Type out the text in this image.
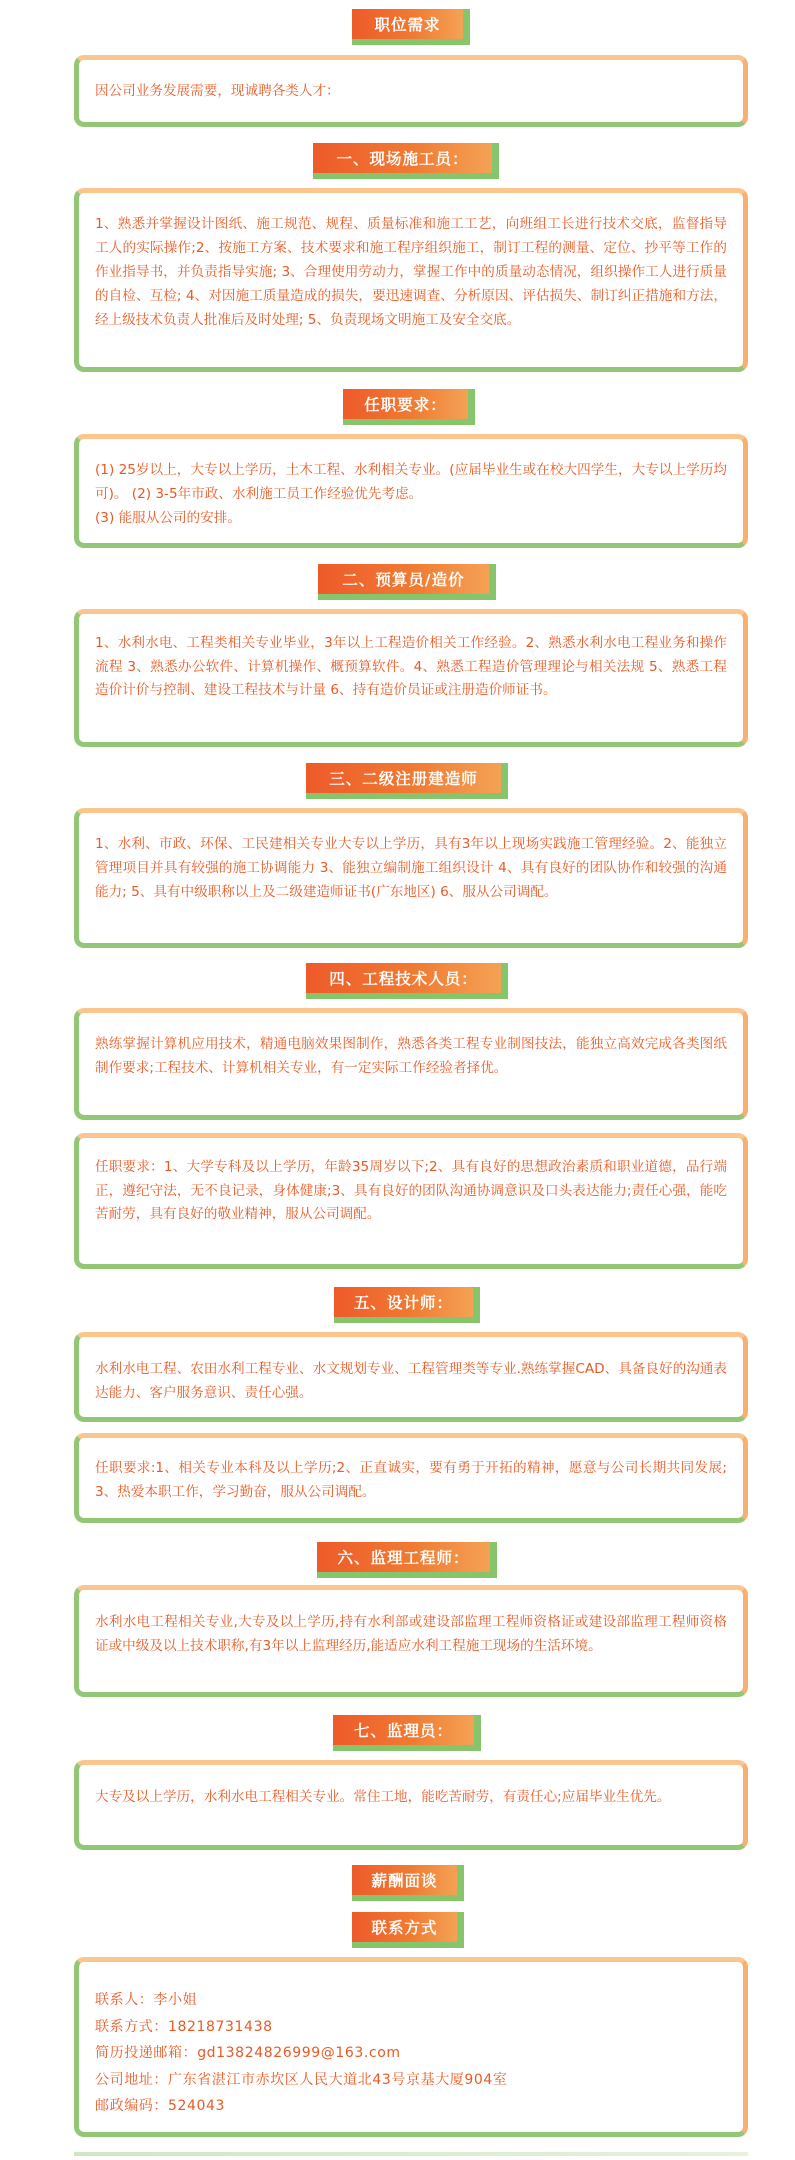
职位需求

因公司业务发展需要，现诚聘各类人才：

一、现场施工员：

1、熟悉并掌握设计图纸、施工规范、规程、质量标准和施工工艺，向班组工长进行技术交底，监督指导工人的实际操作;2、按施工方案、技术要求和施工程序组织施工，制订工程的测量、定位、抄平等工作的作业指导书，并负责指导实施; 3、合理使用劳动力，掌握工作中的质量动态情况，组织操作工人进行质量的自检、互检; 4、对因施工质量造成的损失，要迅速调查、分析原因、评估损失、制订纠正措施和方法，经上级技术负责人批准后及时处理; 5、负责现场文明施工及安全交底。

任职要求：

(1) 25岁以上，大专以上学历，土木工程、水利相关专业。(应届毕业生或在校大四学生，大专以上学历均可)。 (2) 3-5年市政、水利施工员工作经验优先考虑。

(3) 能服从公司的安排。

二、预算员/造价

1、水利水电、工程类相关专业毕业，3年以上工程造价相关工作经验。2、熟悉水利水电工程业务和操作流程 3、熟悉办公软件、计算机操作、概预算软件。4、熟悉工程造价管理理论与相关法规 5、熟悉工程造价计价与控制、建设工程技术与计量 6、持有造价员证或注册造价师证书。

三、二级注册建造师

1、水利、市政、环保、工民建相关专业大专以上学历，具有3年以上现场实践施工管理经验。2、能独立管理项目并具有较强的施工协调能力 3、能独立编制施工组织设计 4、具有良好的团队协作和较强的沟通能力; 5、具有中级职称以上及二级建造师证书(广东地区) 6、服从公司调配。

四、工程技术人员：

熟练掌握计算机应用技术，精通电脑效果图制作，熟悉各类工程专业制图技法，能独立高效完成各类图纸制作要求;工程技术、计算机相关专业，有一定实际工作经验者择优。

任职要求：1、大学专科及以上学历，年龄35周岁以下;2、具有良好的思想政治素质和职业道德，品行端正，遵纪守法，无不良记录，身体健康;3、具有良好的团队沟通协调意识及口头表达能力;责任心强，能吃苦耐劳，具有良好的敬业精神，服从公司调配。

五、设计师：

水利水电工程、农田水利工程专业、水文规划专业、工程管理类等专业.熟练掌握CAD、具备良好的沟通表达能力、客户服务意识、责任心强。

任职要求:1、相关专业本科及以上学历;2、正直诚实，要有勇于开拓的精神，愿意与公司长期共同发展;3、热爱本职工作，学习勤奋，服从公司调配。

六、监理工程师：

水利水电工程相关专业,大专及以上学历,持有水利部或建设部监理工程师资格证或建设部监理工程师资格证或中级及以上技术职称,有3年以上监理经历,能适应水利工程施工现场的生活环境。

七、监理员：

大专及以上学历，水利水电工程相关专业。常住工地，能吃苦耐劳，有责任心;应届毕业生优先。

薪酬面谈
联系方式

联系人：李小姐

联系方式：18218731438

简历投递邮箱：gd13824826999@163.com

公司地址：广东省湛江市赤坎区人民大道北43号京基大厦904室

邮政编码：524043
